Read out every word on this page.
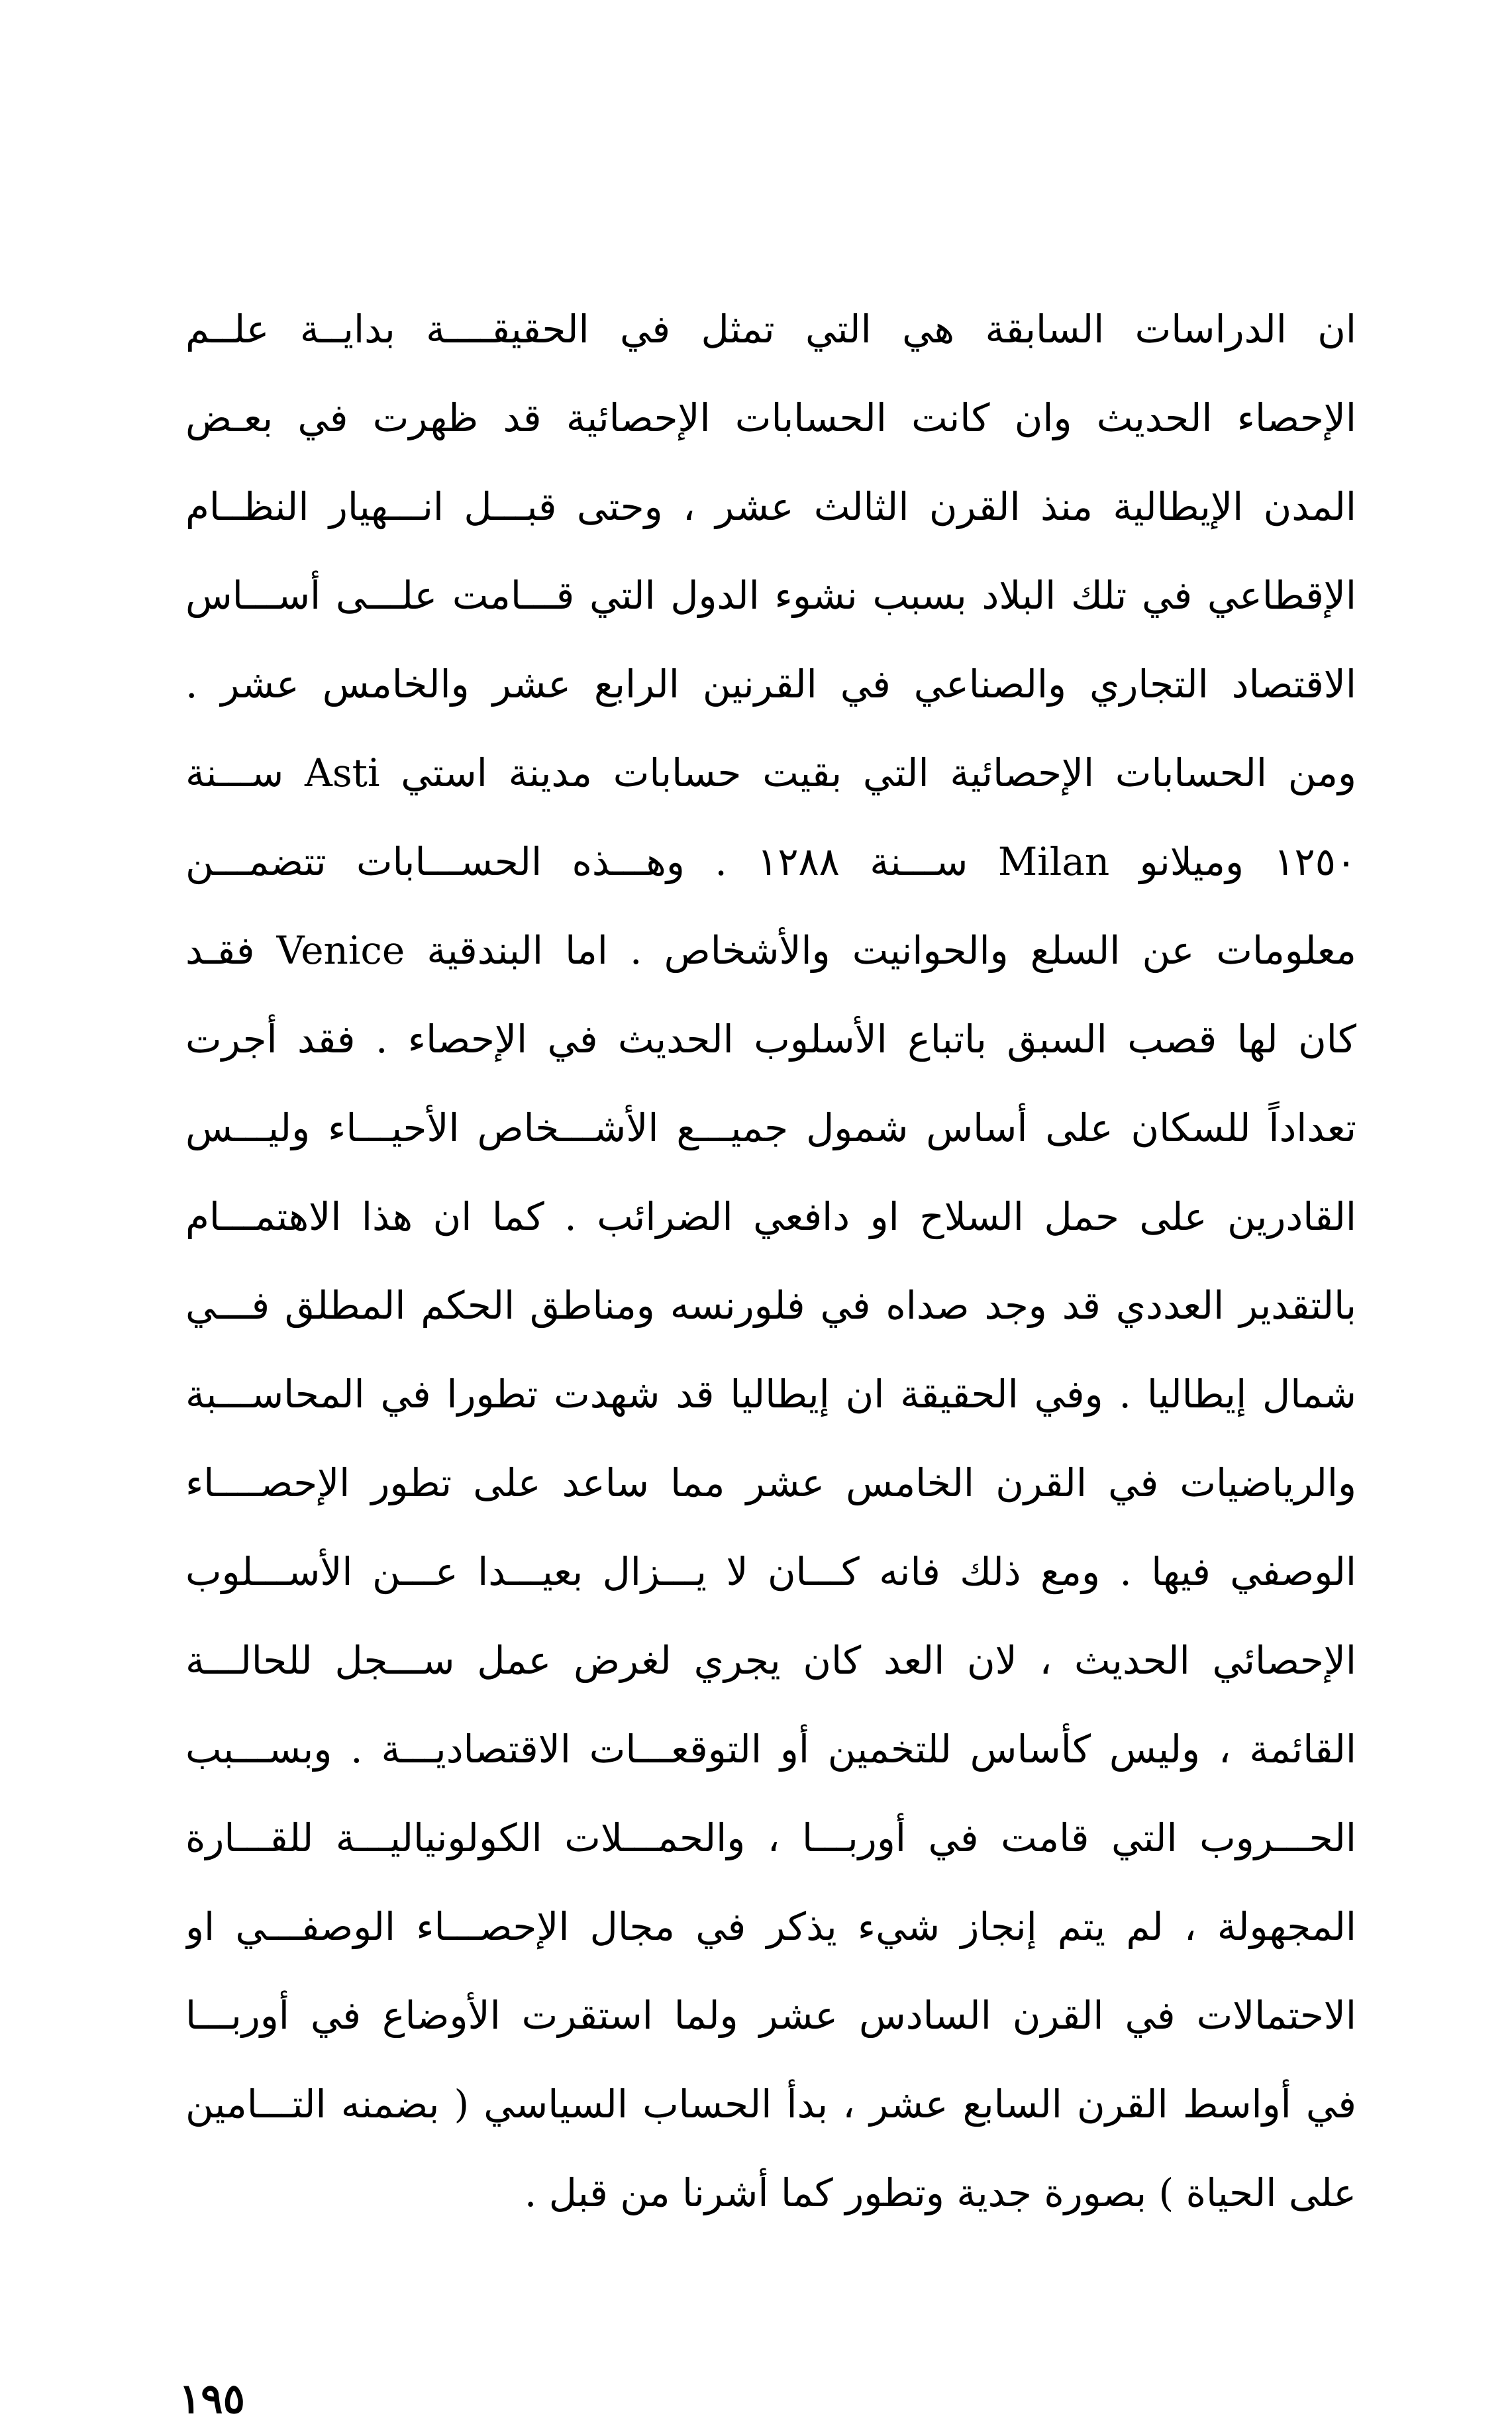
ان الدراسات السابقة هي التي تمثل في الحقيقــــة بدايــة علــم
الإحصاء الحديث وان كانت الحسابات الإحصائية قد ظهرت في بعـض
المدن الإيطالية منذ القرن الثالث عشر ، وحتى قبـــل انـــهيار النظــام
الإقطاعي في تلك البلاد بسبب نشوء الدول التي قـــامت علـــى أســـاس
الاقتصاد التجاري والصناعي في القرنين الرابع عشر والخامس عشر .
ومن الحسابات الإحصائية التي بقيت حسابات مدينة استي Asti ســـنة
١٢٥٠ وميلانو Milan ســـنة ١٢٨٨ . وهـــذه الحســـابات تتضمـــن
معلومات عن السلع والحوانيت والأشخاص . اما البندقية Venice فقـد
كان لها قصب السبق باتباع الأسلوب الحديث في الإحصاء . فقد أجرت
تعداداً للسكان على أساس شمول جميـــع الأشـــخاص الأحيـــاء وليـــس
القادرين على حمل السلاح او دافعي الضرائب . كما ان هذا الاهتمـــام
بالتقدير العددي قد وجد صداه في فلورنسه ومناطق الحكم المطلق فـــي
شمال إيطاليا . وفي الحقيقة ان إيطاليا قد شهدت تطورا في المحاســـبة
والرياضيات في القرن الخامس عشر مما ساعد على تطور الإحصــــاء
الوصفي فيها . ومع ذلك فانه كـــان لا يـــزال بعيـــدا عـــن الأســـلوب
الإحصائي الحديث ، لان العد كان يجري لغرض عمل ســـجل للحالـــة
القائمة ، وليس كأساس للتخمين أو التوقعـــات الاقتصاديـــة . وبســـبب
الحـــروب التي قامت في أوربـــا ، والحمـــلات الكولونياليـــة للقـــارة
المجهولة ، لم يتم إنجاز شيء يذكر في مجال الإحصـــاء الوصفـــي او
الاحتمالات في القرن السادس عشر ولما استقرت الأوضاع في أوربـــا
في أواسط القرن السابع عشر ، بدأ الحساب السياسي ( بضمنه التـــامين
على الحياة ) بصورة جدية وتطور كما أشرنا من قبل .
١٩٥
